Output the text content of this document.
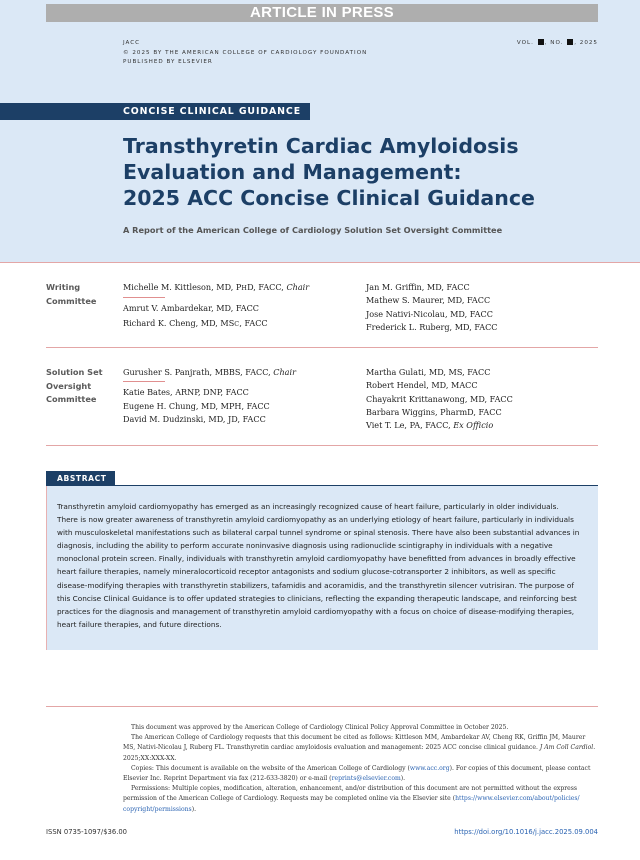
ARTICLE IN PRESS
JACC
© 2025 BY THE AMERICAN COLLEGE OF CARDIOLOGY FOUNDATION
PUBLISHED BY ELSEVIER
VOL. , NO. , 2025
CONCISE CLINICAL GUIDANCE
Transthyretin Cardiac Amyloidosis
Evaluation and Management:
2025 ACC Concise Clinical Guidance
A Report of the American College of Cardiology Solution Set Oversight Committee
Writing
Committee
Michelle M. Kittleson, MD, PHD, FACC, Chair
Amrut V. Ambardekar, MD, FACC
Richard K. Cheng, MD, MSC, FACC
Jan M. Griffin, MD, FACC
Mathew S. Maurer, MD, FACC
Jose Nativi-Nicolau, MD, FACC
Frederick L. Ruberg, MD, FACC
Solution Set
Oversight
Committee
Gurusher S. Panjrath, MBBS, FACC, Chair
Katie Bates, ARNP, DNP, FACC
Eugene H. Chung, MD, MPH, FACC
David M. Dudzinski, MD, JD, FACC
Martha Gulati, MD, MS, FACC
Robert Hendel, MD, MACC
Chayakrit Krittanawong, MD, FACC
Barbara Wiggins, PharmD, FACC
Viet T. Le, PA, FACC, Ex Officio
ABSTRACT
Transthyretin amyloid cardiomyopathy has emerged as an increasingly recognized cause of heart failure, particularly in older individuals.
There is now greater awareness of transthyretin amyloid cardiomyopathy as an underlying etiology of heart failure, particularly in individuals
with musculoskeletal manifestations such as bilateral carpal tunnel syndrome or spinal stenosis. There have also been substantial advances in
diagnosis, including the ability to perform accurate noninvasive diagnosis using radionuclide scintigraphy in individuals with a negative
monoclonal protein screen. Finally, individuals with transthyretin amyloid cardiomyopathy have benefitted from advances in broadly effective
heart failure therapies, namely mineralocorticoid receptor antagonists and sodium glucose-cotransporter 2 inhibitors, as well as specific
disease-modifying therapies with transthyretin stabilizers, tafamidis and acoramidis, and the transthyretin silencer vutrisiran. The purpose of
this Concise Clinical Guidance is to offer updated strategies to clinicians, reflecting the expanding therapeutic landscape, and reinforcing best
practices for the diagnosis and management of transthyretin amyloid cardiomyopathy with a focus on choice of disease-modifying therapies,
heart failure therapies, and future directions.
This document was approved by the American College of Cardiology Clinical Policy Approval Committee in October 2025.
The American College of Cardiology requests that this document be cited as follows: Kittleson MM, Ambardekar AV, Cheng RK, Griffin JM, Maurer
MS, Nativi-Nicolau J, Ruberg FL. Transthyretin cardiac amyloidosis evaluation and management: 2025 ACC concise clinical guidance. J Am Coll Cardiol.
2025;XX:XXX-XX.
Copies: This document is available on the website of the American College of Cardiology (www.acc.org). For copies of this document, please contact
Elsevier Inc. Reprint Department via fax (212-633-3820) or e-mail (reprints@elsevier.com).
Permissions: Multiple copies, modification, alteration, enhancement, and/or distribution of this document are not permitted without the express
permission of the American College of Cardiology. Requests may be completed online via the Elsevier site (https://www.elsevier.com/about/policies/
copyright/permissions).
ISSN 0735-1097/$36.00	https://doi.org/10.1016/j.jacc.2025.09.004
